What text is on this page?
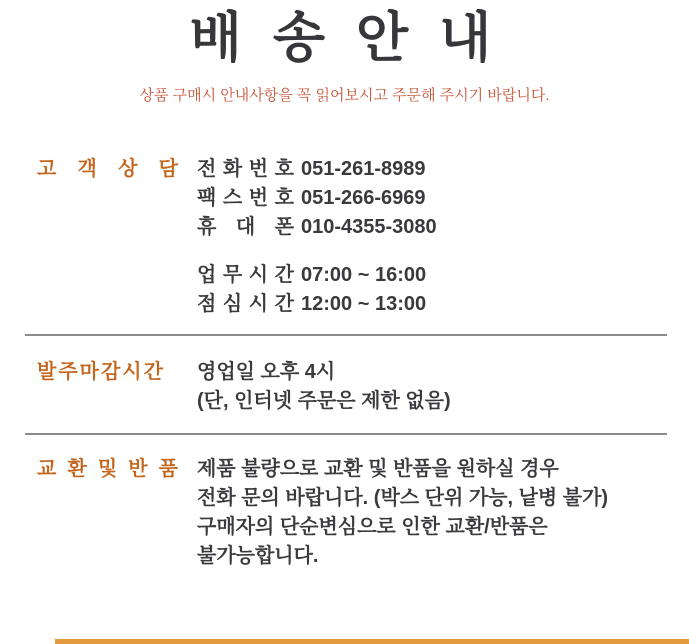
배 송 안 내
상품 구매시 안내사항을 꼭 읽어보시고 주문해 주시기 바랍니다.
고 객 상 담 전 화 번 호 051-261-8989
팩 스 번 호 051-266-6969
휴 대 폰 010-4355-3080
업 무 시 간 07:00 ~ 16:00
점 심 시 간 12:00 ~ 13:00
발주마감시간	영업일 오후 4시
(단, 인터넷 주문은 제한 없음)
교 환 및 반 품 제품 불량으로 교환 및 반품을 원하실 경우
전화 문의 바랍니다. (박스 단위 가능, 낱병 불가)
구매자의 단순변심으로 인한 교환/반품은
불가능합니다.
